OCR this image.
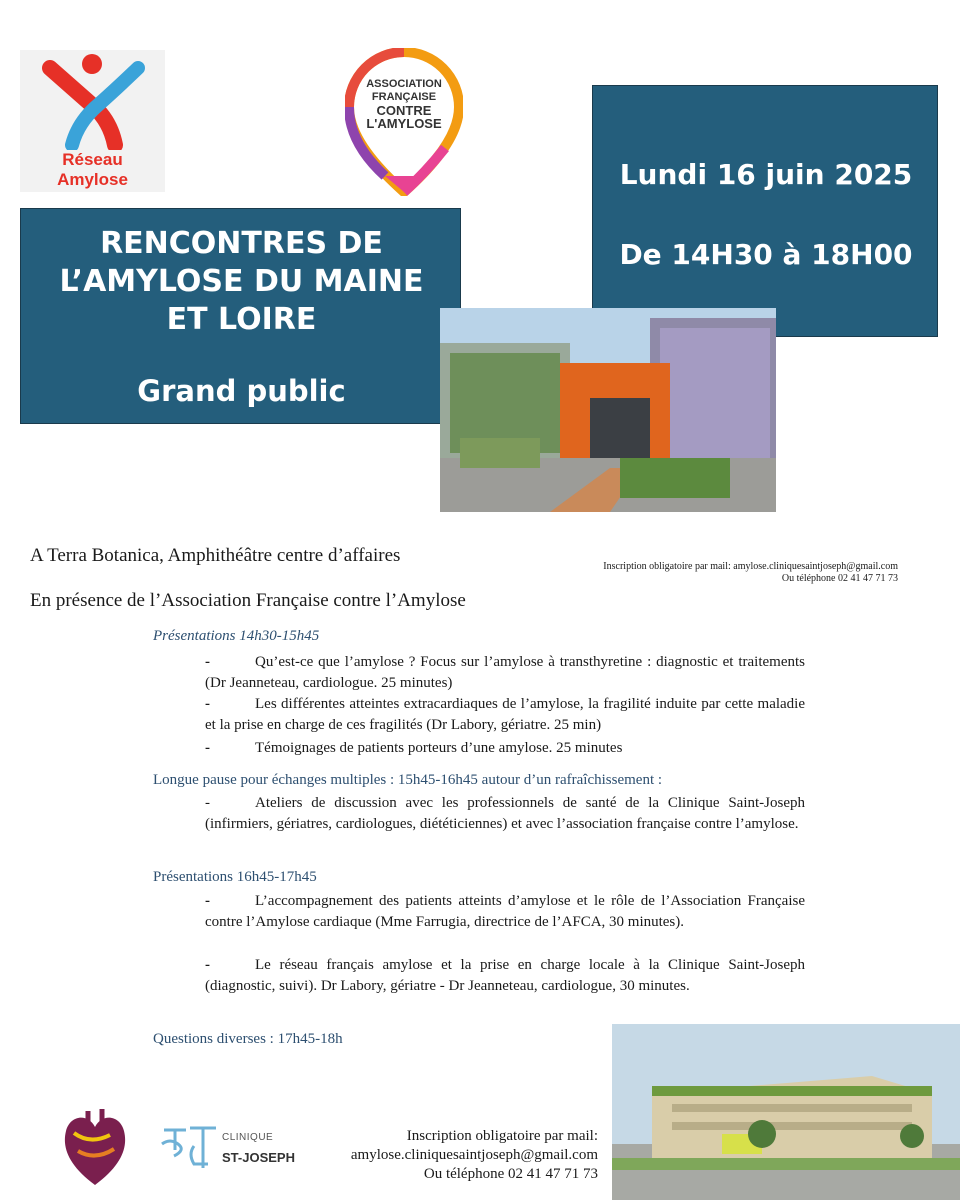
Réseau
Amylose
ASSOCIATION
FRANÇAISE
CONTRE
L'AMYLOSE
RENCONTRES DE
L’AMYLOSE DU MAINE
ET LOIRE
Grand public
Lundi 16 juin 2025
De 14H30 à 18H00
A Terra Botanica, Amphithéâtre centre d’affaires
En présence de l’Association Française contre l’Amylose
Inscription obligatoire par mail: amylose.cliniquesaintjoseph@gmail.com
Ou téléphone 02 41 47 71 73
Présentations 14h30-15h45
-	Qu’est-ce que l’amylose ? Focus sur l’amylose à transthyretine : diagnostic et traitements (Dr Jeanneteau, cardiologue. 25 minutes)
-	Les différentes atteintes extracardiaques de l’amylose, la fragilité induite par cette maladie et la prise en charge de ces fragilités (Dr Labory, gériatre. 25 min)
-	Témoignages de patients porteurs d’une amylose. 25 minutes
Longue pause pour échanges multiples : 15h45-16h45 autour d’un rafraîchissement :
-	Ateliers de discussion avec les professionnels de santé de la Clinique Saint-Joseph (infirmiers, gériatres, cardiologues, diététiciennes) et avec l’association française contre l’amylose.
Présentations 16h45-17h45
-	L’accompagnement des patients atteints d’amylose et le rôle de l’Association Française contre l’Amylose cardiaque (Mme Farrugia, directrice de l’AFCA, 30 minutes).
-	Le réseau français amylose et la prise en charge locale à la Clinique Saint-Joseph (diagnostic, suivi). Dr Labory, gériatre - Dr Jeanneteau, cardiologue, 30 minutes.
Questions diverses : 17h45-18h
CLINIQUE
ST-JOSEPH
Inscription obligatoire par mail:
amylose.cliniquesaintjoseph@gmail.com
Ou téléphone 02 41 47 71 73
